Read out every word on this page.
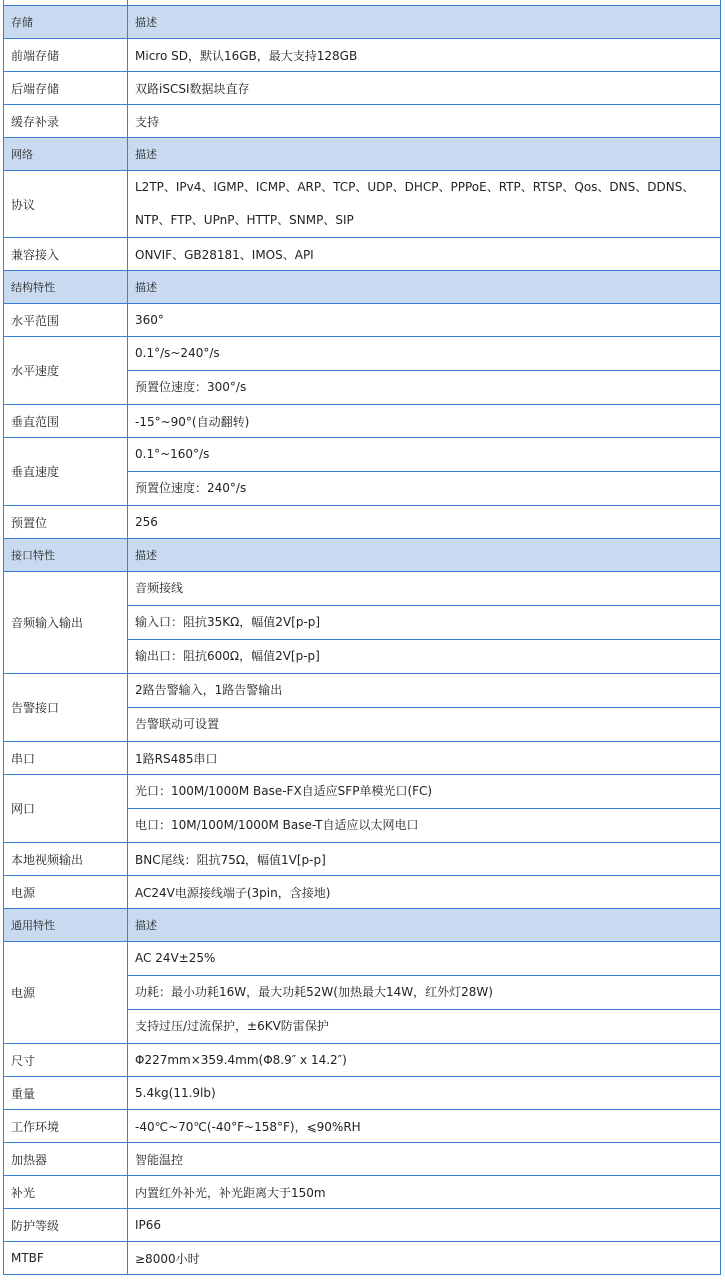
存储	描述
前端存储	Micro SD，默认16GB，最大支持128GB
后端存储	双路iSCSI数据块直存
缓存补录	支持
网络	描述
协议	L2TP、IPv4、IGMP、ICMP、ARP、TCP、UDP、DHCP、PPPoE、RTP、RTSP、Qos、DNS、DDNS、
NTP、FTP、UPnP、HTTP、SNMP、SIP

兼容接入	ONVIF、GB28181、IMOS、API
结构特性	描述
水平范围	360°
水平速度	0.1°/s~240°/s
预置位速度：300°/s

垂直范围	-15°~90°(自动翻转)
垂直速度	0.1°~160°/s
预置位速度：240°/s

预置位	256
接口特性	描述
音频输入输出	音频接线
输入口：阻抗35KΩ，幅值2V[p-p]
输出口：阻抗600Ω，幅值2V[p-p]

告警接口	2路告警输入，1路告警输出
告警联动可设置

串口	1路RS485串口
网口	光口：100M/1000M Base-FX自适应SFP单模光口(FC)
电口：10M/100M/1000M Base-T自适应以太网电口

本地视频输出	BNC尾线：阻抗75Ω，幅值1V[p-p]
电源	AC24V电源接线端子(3pin，含接地)
通用特性	描述
电源	AC 24V±25%
功耗：最小功耗16W，最大功耗52W(加热最大14W，红外灯28W)
支持过压/过流保护，±6KV防雷保护

尺寸	Φ227mm×359.4mm(Φ8.9″ x 14.2″)
重量	5.4kg(11.9lb)
工作环境	-40℃~70℃(-40°F~158°F)，⩽90%RH
加热器	智能温控
补光	内置红外补光，补光距离大于150m
防护等级	IP66
MTBF	≥8000小时
